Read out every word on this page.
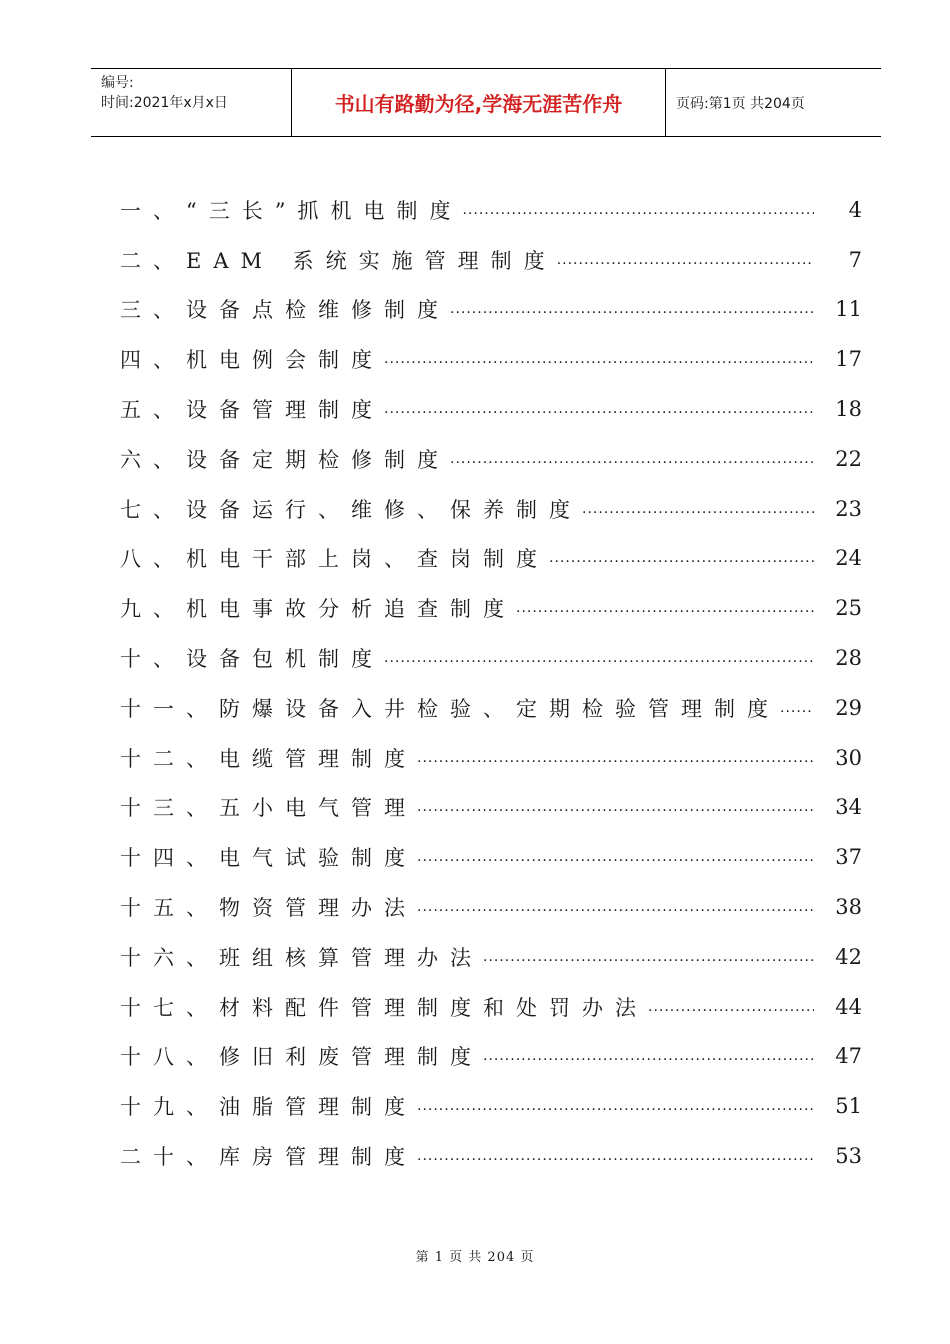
编号:
时间:2021年x月x日	书山有路勤为径,学海无涯苦作舟	页码:第1页 共204页
一、“三长”抓机电制度 .....	4
二、EAM 系统实施管理制度 .....	7
三、设备点检维修制度 .....	11
四、机电例会制度 .....	17
五、设备管理制度 .....	18
六、设备定期检修制度 .....	22
七、设备运行、维修、保养制度 .....	23
八、机电干部上岗、查岗制度 .....	24
九、机电事故分析追查制度 .....	25
十、设备包机制度 .....	28
十一、防爆设备入井检验、定期检验管理制度 .....	29
十二、电缆管理制度 .....	30
十三、五小电气管理 .....	34
十四、电气试验制度 .....	37
十五、物资管理办法 .....	38
十六、班组核算管理办法 .....	42
十七、材料配件管理制度和处罚办法 .....	44
十八、修旧利废管理制度 .....	47
十九、油脂管理制度 .....	51
二十、库房管理制度 .....	53
第 1 页 共 204 页
